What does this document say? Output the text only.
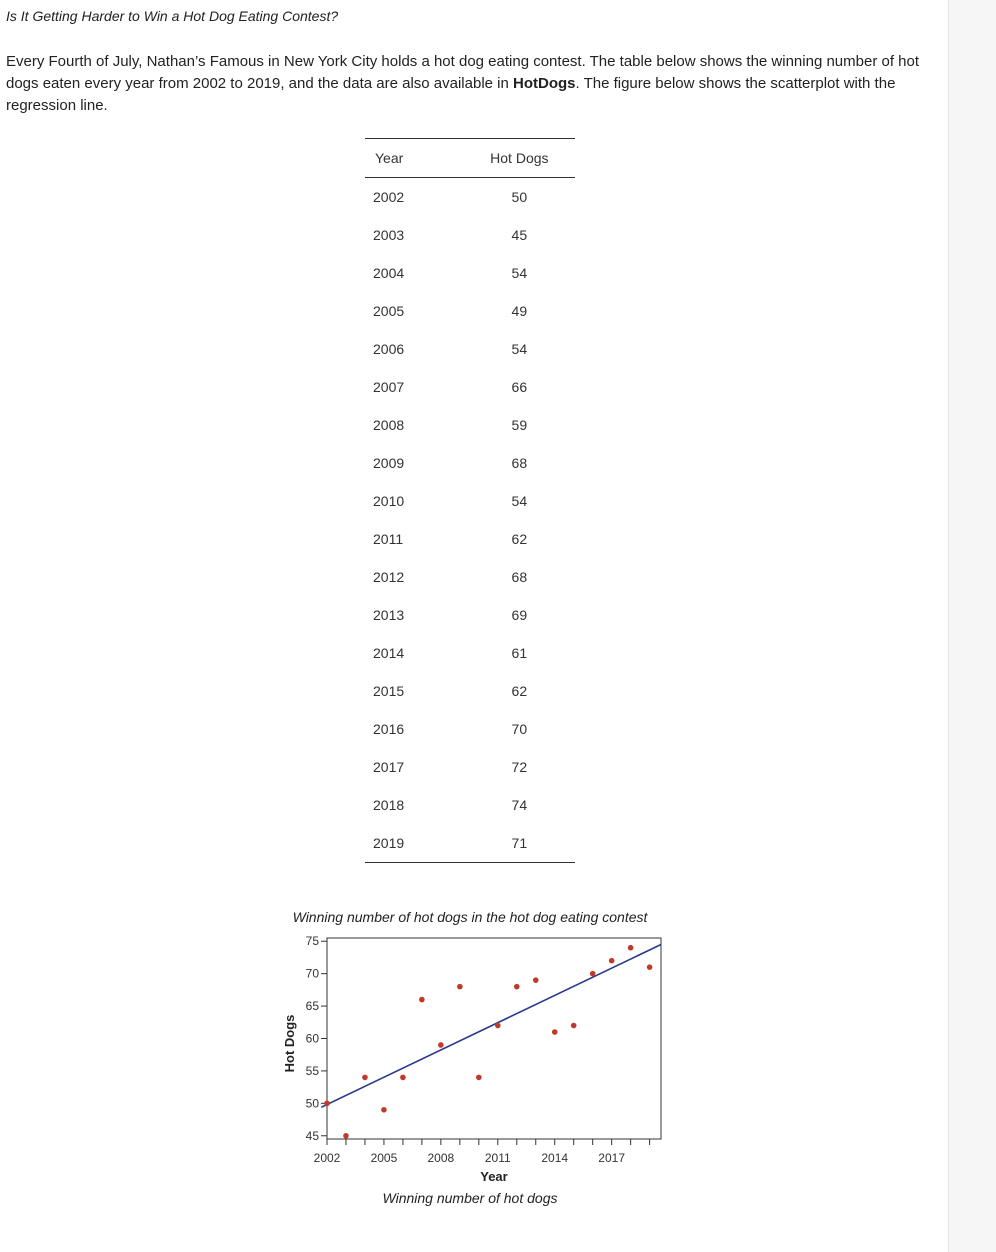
Is It Getting Harder to Win a Hot Dog Eating Contest?

Every Fourth of July, Nathan’s Famous in New York City holds a hot dog eating contest. The table below shows the winning number of hot dogs eaten every year from 2002 to 2019, and the data are also available in HotDogs. The figure below shows the scatterplot with the regression line.

Year	Hot Dogs
2002	50
2003	45
2004	54
2005	49
2006	54
2007	66
2008	59
2009	68
2010	54
2011	62
2012	68
2013	69
2014	61
2015	62
2016	70
2017	72
2018	74
2019	71
Winning number of hot dogs in the hot dog eating contest
45
50
55
60
65
70
75
2002	2005	2008	2011	2014	2017
Year
Hot Dogs
Winning number of hot dogs
